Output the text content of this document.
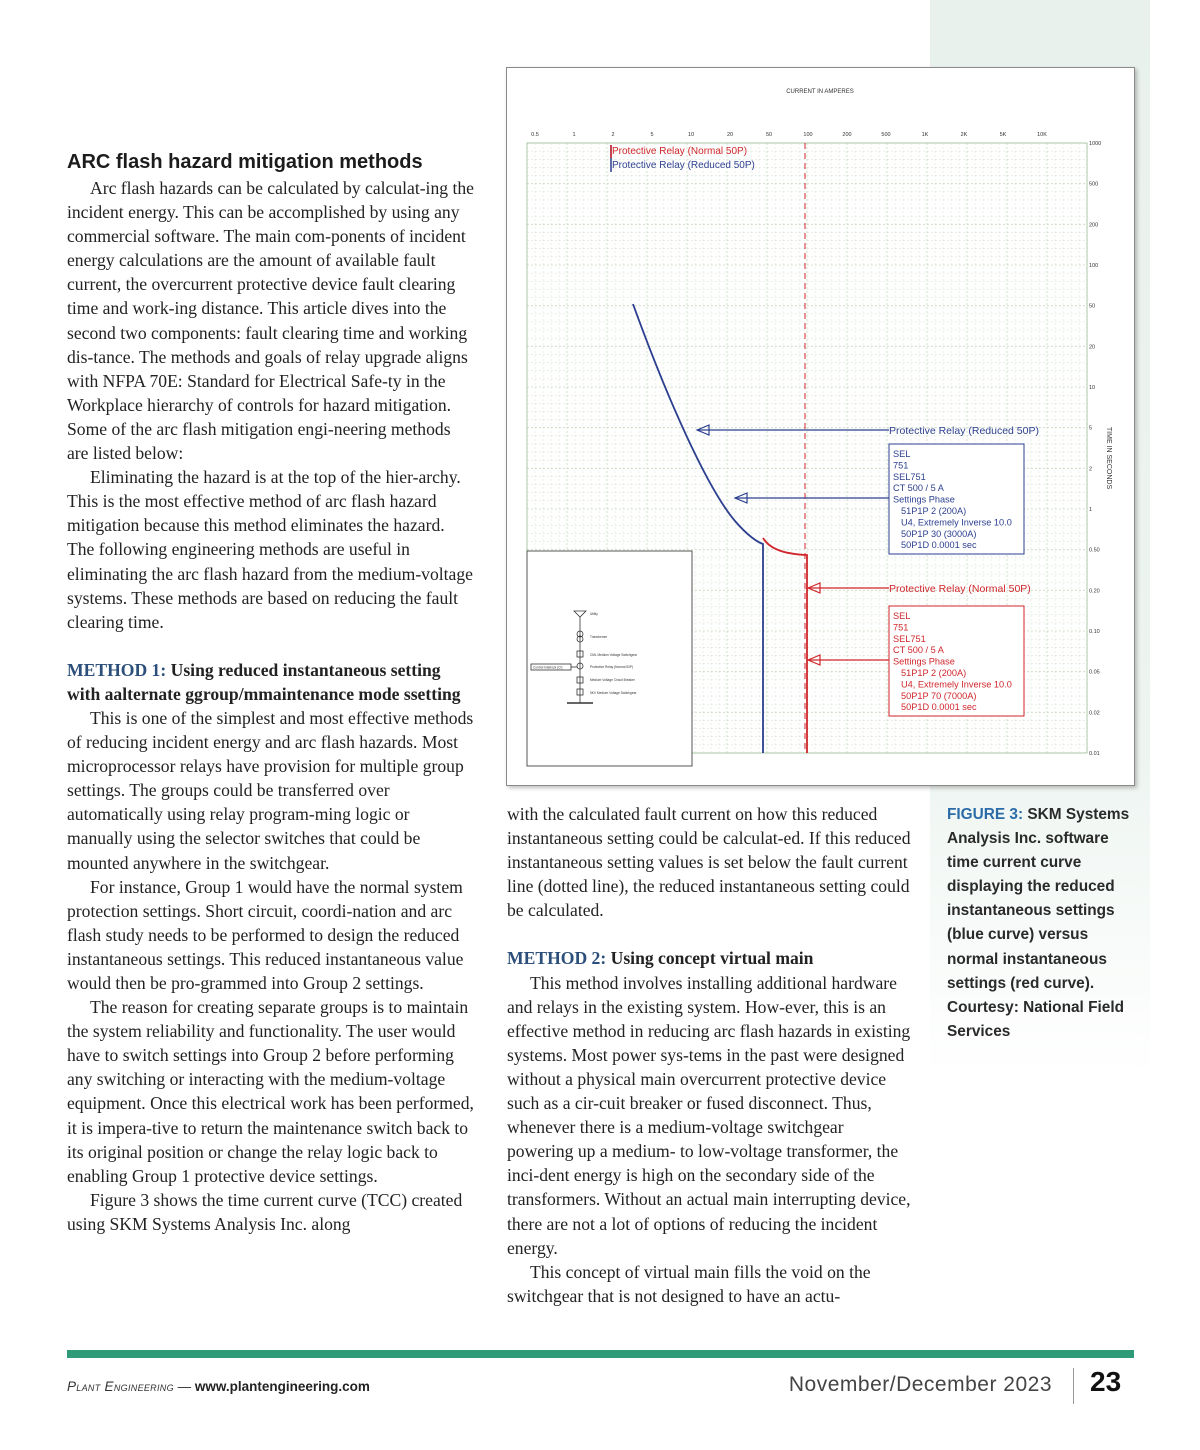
ARC flash hazard mitigation methods

Arc flash hazards can be calculated by calculat-ing the incident energy. This can be accomplished by using any commercial software. The main com-ponents of incident energy calculations are the amount of available fault current, the overcurrent protective device fault clearing time and work-ing distance. This article dives into the second two components: fault clearing time and working dis-tance. The methods and goals of relay upgrade aligns with NFPA 70E: Standard for Electrical Safe-ty in the Workplace hierarchy of controls for hazard mitigation. Some of the arc flash mitigation engi-neering methods are listed below:

Eliminating the hazard is at the top of the hier-archy. This is the most effective method of arc flash hazard mitigation because this method eliminates the hazard. The following engineering methods are useful in eliminating the arc flash hazard from the medium-voltage systems. These methods are based on reducing the fault clearing time.

METHOD 1: Using reduced instantaneous setting with aalternate ggroup/mmaintenance mode ssetting

This is one of the simplest and most effective methods of reducing incident energy and arc flash hazards. Most microprocessor relays have provision for multiple group settings. The groups could be transferred over automatically using relay program-ming logic or manually using the selector switches that could be mounted anywhere in the switchgear.

For instance, Group 1 would have the normal system protection settings. Short circuit, coordi-nation and arc flash study needs to be performed to design the reduced instantaneous settings. This reduced instantaneous value would then be pro-grammed into Group 2 settings.

The reason for creating separate groups is to maintain the system reliability and functionality. The user would have to switch settings into Group 2 before performing any switching or interacting with the medium-voltage equipment. Once this electrical work has been performed, it is impera-tive to return the maintenance switch back to its original position or change the relay logic back to enabling Group 1 protective device settings.

Figure 3 shows the time current curve (TCC) created using SKM Systems Analysis Inc. along

with the calculated fault current on how this reduced instantaneous setting could be calculat-ed. If this reduced instantaneous setting values is set below the fault current line (dotted line), the reduced instantaneous setting could be calculated.

METHOD 2: Using concept virtual main

This method involves installing additional hardware and relays in the existing system. How-ever, this is an effective method in reducing arc flash hazards in existing systems. Most power sys-tems in the past were designed without a physical main overcurrent protective device such as a cir-cuit breaker or fused disconnect. Thus, whenever there is a medium-voltage switchgear powering up a medium- to low-voltage transformer, the inci-dent energy is high on the secondary side of the transformers. Without an actual main interrupting device, there are not a lot of options of reducing the incident energy.

This concept of virtual main fills the void on the switchgear that is not designed to have an actu-

CURRENT IN AMPERES
0.5	1	2	5	10	20	50	100	200	500	1K	2K	5K	10K
1000
500
200
100
50
20
10
5
2
1
0.50
0.20
0.10
0.05
0.02
0.01
TIME IN SECONDS
Protective Relay (Normal 50P)
Protective Relay (Reduced 50P)
Protective Relay (Reduced 50P)
SEL
751
SEL751
CT 500 / 5 A
Settings Phase
51P1P 2 (200A)
U4, Extremely Inverse 10.0
50P1P 30 (3000A)
50P1D 0.0001 sec
Protective Relay (Normal 50P)
SEL
751
SEL751
CT 500 / 5 A
Settings Phase
51P1P 2 (200A)
U4, Extremely Inverse 10.0
50P1P 70 (7000A)
50P1D 0.0001 sec
Utility
Transformer
CML Medium Voltage Switchgear
Protective Relay (Normal 50P)
Medium Voltage Circuit Breaker
5KV Medium Voltage Switchgear
Control Interlock (CI)
FIGURE 3: SKM Systems Analysis Inc. software time current curve displaying the reduced instantaneous settings (blue curve) versus normal instantaneous settings (red curve). Courtesy: National Field Services
Plant Engineering — www.plantengineering.com	November/December 2023 23
